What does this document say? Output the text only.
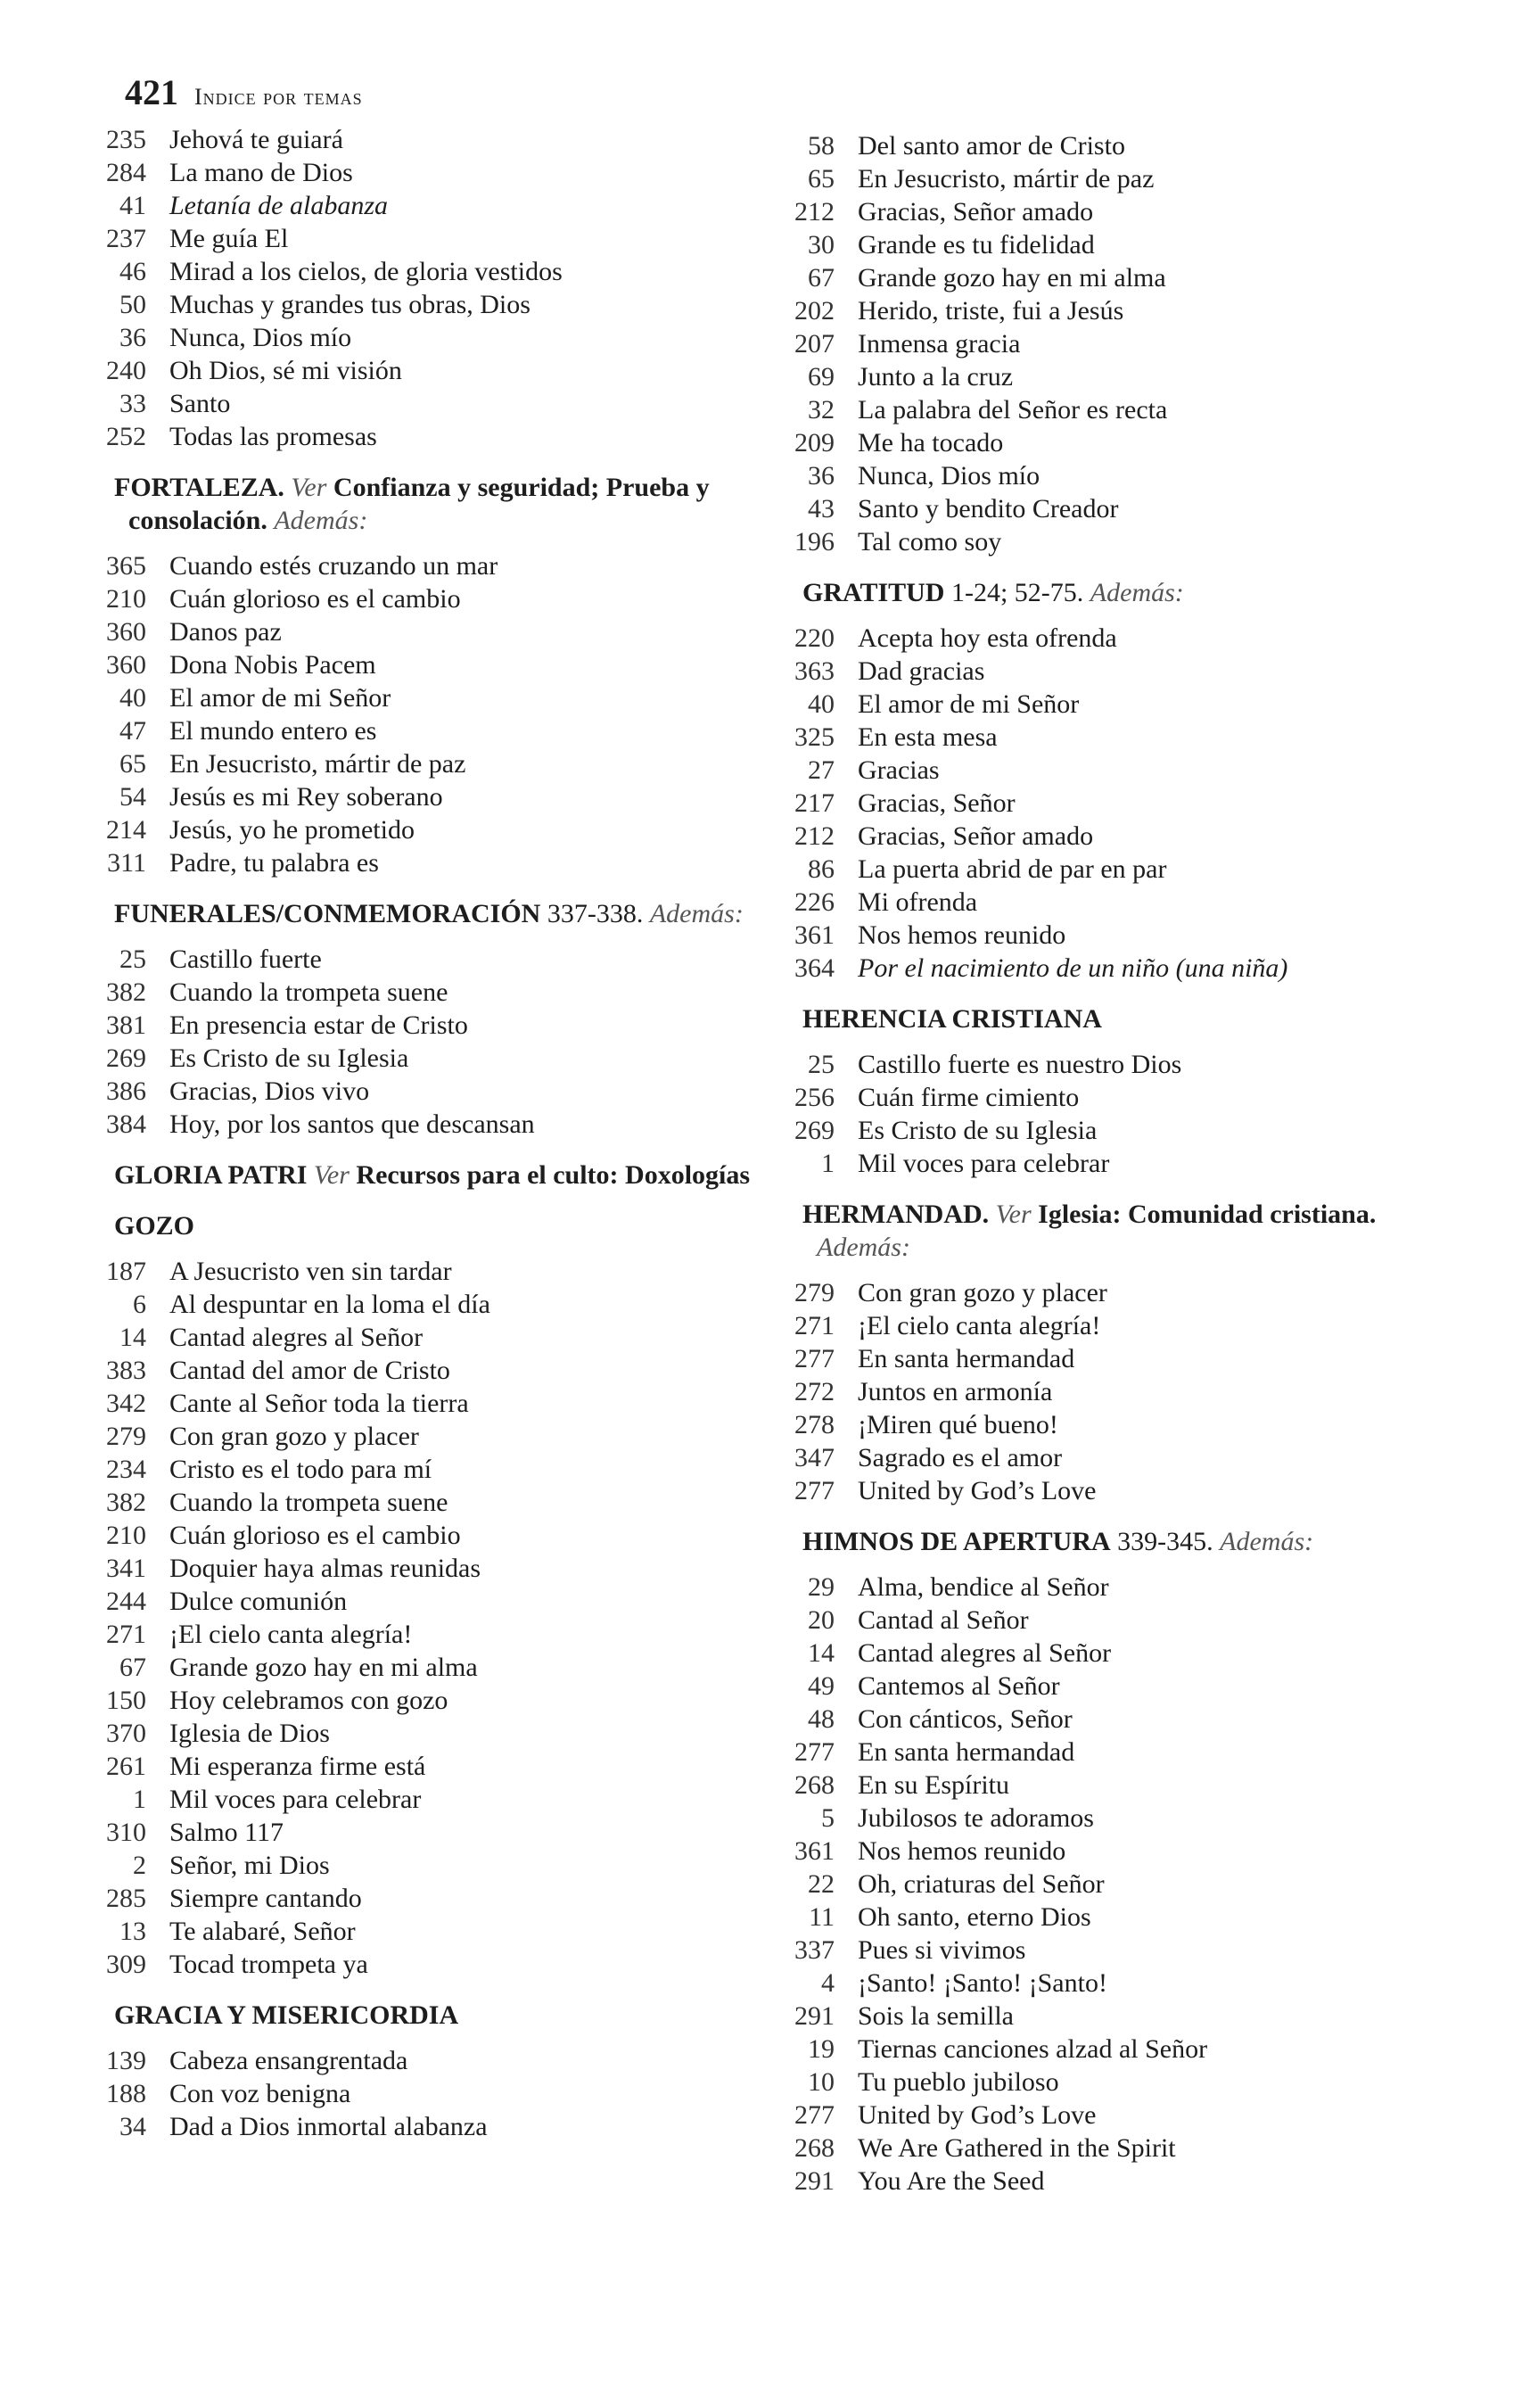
421 Indice por temas
235 Jehová te guiará
284 La mano de Dios
41 Letanía de alabanza
237 Me guía El
46 Mirad a los cielos, de gloria vestidos
50 Muchas y grandes tus obras, Dios
36 Nunca, Dios mío
240 Oh Dios, sé mi visión
33 Santo
252 Todas las promesas
FORTALEZA. Ver Confianza y seguridad; Prueba y consolación. Además:
365 Cuando estés cruzando un mar
210 Cuán glorioso es el cambio
360 Danos paz
360 Dona Nobis Pacem
40 El amor de mi Señor
47 El mundo entero es
65 En Jesucristo, mártir de paz
54 Jesús es mi Rey soberano
214 Jesús, yo he prometido
311 Padre, tu palabra es
FUNERALES/CONMEMORACIÓN 337-338. Además:
25 Castillo fuerte
382 Cuando la trompeta suene
381 En presencia estar de Cristo
269 Es Cristo de su Iglesia
386 Gracias, Dios vivo
384 Hoy, por los santos que descansan
GLORIA PATRI Ver Recursos para el culto: Doxologías
GOZO
187 A Jesucristo ven sin tardar
6 Al despuntar en la loma el día
14 Cantad alegres al Señor
383 Cantad del amor de Cristo
342 Cante al Señor toda la tierra
279 Con gran gozo y placer
234 Cristo es el todo para mí
382 Cuando la trompeta suene
210 Cuán glorioso es el cambio
341 Doquier haya almas reunidas
244 Dulce comunión
271 ¡El cielo canta alegría!
67 Grande gozo hay en mi alma
150 Hoy celebramos con gozo
370 Iglesia de Dios
261 Mi esperanza firme está
1 Mil voces para celebrar
310 Salmo 117
2 Señor, mi Dios
285 Siempre cantando
13 Te alabaré, Señor
309 Tocad trompeta ya
GRACIA Y MISERICORDIA
139 Cabeza ensangrentada
188 Con voz benigna
34 Dad a Dios inmortal alabanza
58 Del santo amor de Cristo
65 En Jesucristo, mártir de paz
212 Gracias, Señor amado
30 Grande es tu fidelidad
67 Grande gozo hay en mi alma
202 Herido, triste, fui a Jesús
207 Inmensa gracia
69 Junto a la cruz
32 La palabra del Señor es recta
209 Me ha tocado
36 Nunca, Dios mío
43 Santo y bendito Creador
196 Tal como soy
GRATITUD 1-24; 52-75. Además:
220 Acepta hoy esta ofrenda
363 Dad gracias
40 El amor de mi Señor
325 En esta mesa
27 Gracias
217 Gracias, Señor
212 Gracias, Señor amado
86 La puerta abrid de par en par
226 Mi ofrenda
361 Nos hemos reunido
364 Por el nacimiento de un niño (una niña)
HERENCIA CRISTIANA
25 Castillo fuerte es nuestro Dios
256 Cuán firme cimiento
269 Es Cristo de su Iglesia
1 Mil voces para celebrar
HERMANDAD. Ver Iglesia: Comunidad cristiana. Además:
279 Con gran gozo y placer
271 ¡El cielo canta alegría!
277 En santa hermandad
272 Juntos en armonía
278 ¡Miren qué bueno!
347 Sagrado es el amor
277 United by God’s Love
HIMNOS DE APERTURA 339-345. Además:
29 Alma, bendice al Señor
20 Cantad al Señor
14 Cantad alegres al Señor
49 Cantemos al Señor
48 Con cánticos, Señor
277 En santa hermandad
268 En su Espíritu
5 Jubilosos te adoramos
361 Nos hemos reunido
22 Oh, criaturas del Señor
11 Oh santo, eterno Dios
337 Pues si vivimos
4 ¡Santo! ¡Santo! ¡Santo!
291 Sois la semilla
19 Tiernas canciones alzad al Señor
10 Tu pueblo jubiloso
277 United by God’s Love
268 We Are Gathered in the Spirit
291 You Are the Seed
